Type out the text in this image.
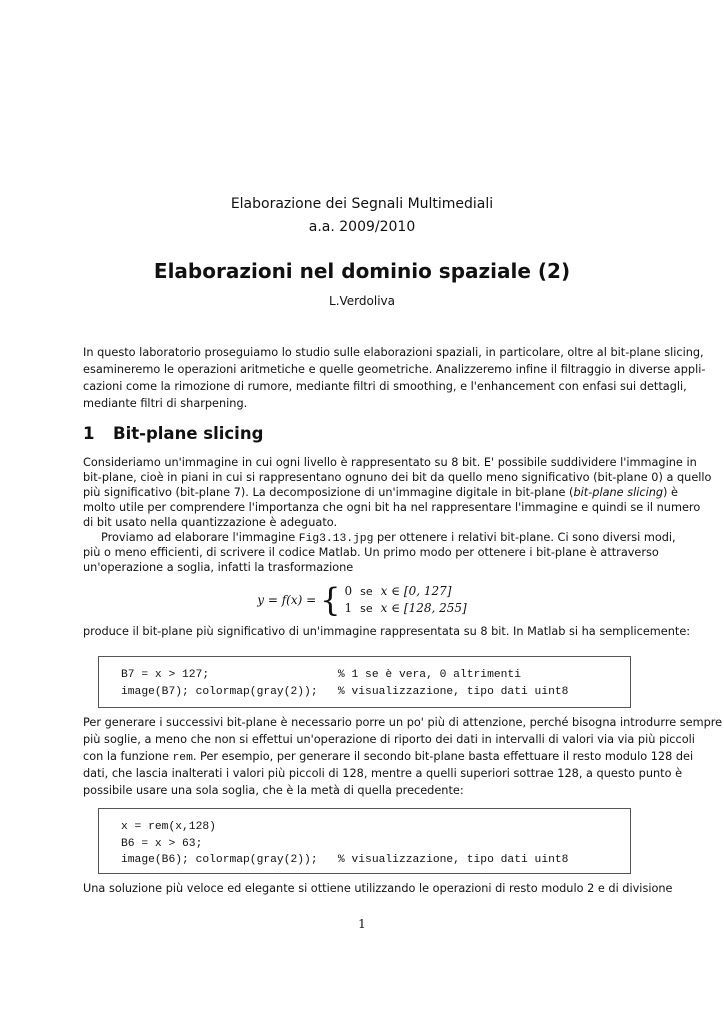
Elaborazione dei Segnali Multimediali
a.a. 2009/2010
Elaborazioni nel dominio spaziale (2)
L.Verdoliva
In questo laboratorio proseguiamo lo studio sulle elaborazioni spaziali, in particolare, oltre al bit-plane slicing,
esamineremo le operazioni aritmetiche e quelle geometriche. Analizzeremo infine il filtraggio in diverse appli-
cazioni come la rimozione di rumore, mediante filtri di smoothing, e l'enhancement con enfasi sui dettagli,
mediante filtri di sharpening.
1 Bit-plane slicing
Consideriamo un'immagine in cui ogni livello è rappresentato su 8 bit. E' possibile suddividere l'immagine in
bit-plane, cioè in piani in cui si rappresentano ognuno dei bit da quello meno significativo (bit-plane 0) a quello
più significativo (bit-plane 7). La decomposizione di un'immagine digitale in bit-plane (bit-plane slicing) è
molto utile per comprendere l'importanza che ogni bit ha nel rappresentare l'immagine e quindi se il numero
di bit usato nella quantizzazione è adeguato.
Proviamo ad elaborare l'immagine Fig3.13.jpg per ottenere i relativi bit-plane. Ci sono diversi modi,
più o meno efficienti, di scrivere il codice Matlab. Un primo modo per ottenere i bit-plane è attraverso
un'operazione a soglia, infatti la trasformazione
y = f(x) = { 0 se x ∈ [0, 127]
1 se x ∈ [128, 255]
produce il bit-plane più significativo di un'immagine rappresentata su 8 bit. In Matlab si ha semplicemente:
B7 = x > 127;                   % 1 se è vera, 0 altrimenti
image(B7); colormap(gray(2));   % visualizzazione, tipo dati uint8
Per generare i successivi bit-plane è necessario porre un po' più di attenzione, perché bisogna introdurre sempre
più soglie, a meno che non si effettui un'operazione di riporto dei dati in intervalli di valori via via più piccoli
con la funzione rem. Per esempio, per generare il secondo bit-plane basta effettuare il resto modulo 128 dei
dati, che lascia inalterati i valori più piccoli di 128, mentre a quelli superiori sottrae 128, a questo punto è
possibile usare una sola soglia, che è la metà di quella precedente:
x = rem(x,128)
B6 = x > 63;
image(B6); colormap(gray(2));   % visualizzazione, tipo dati uint8
Una soluzione più veloce ed elegante si ottiene utilizzando le operazioni di resto modulo 2 e di divisione
1
